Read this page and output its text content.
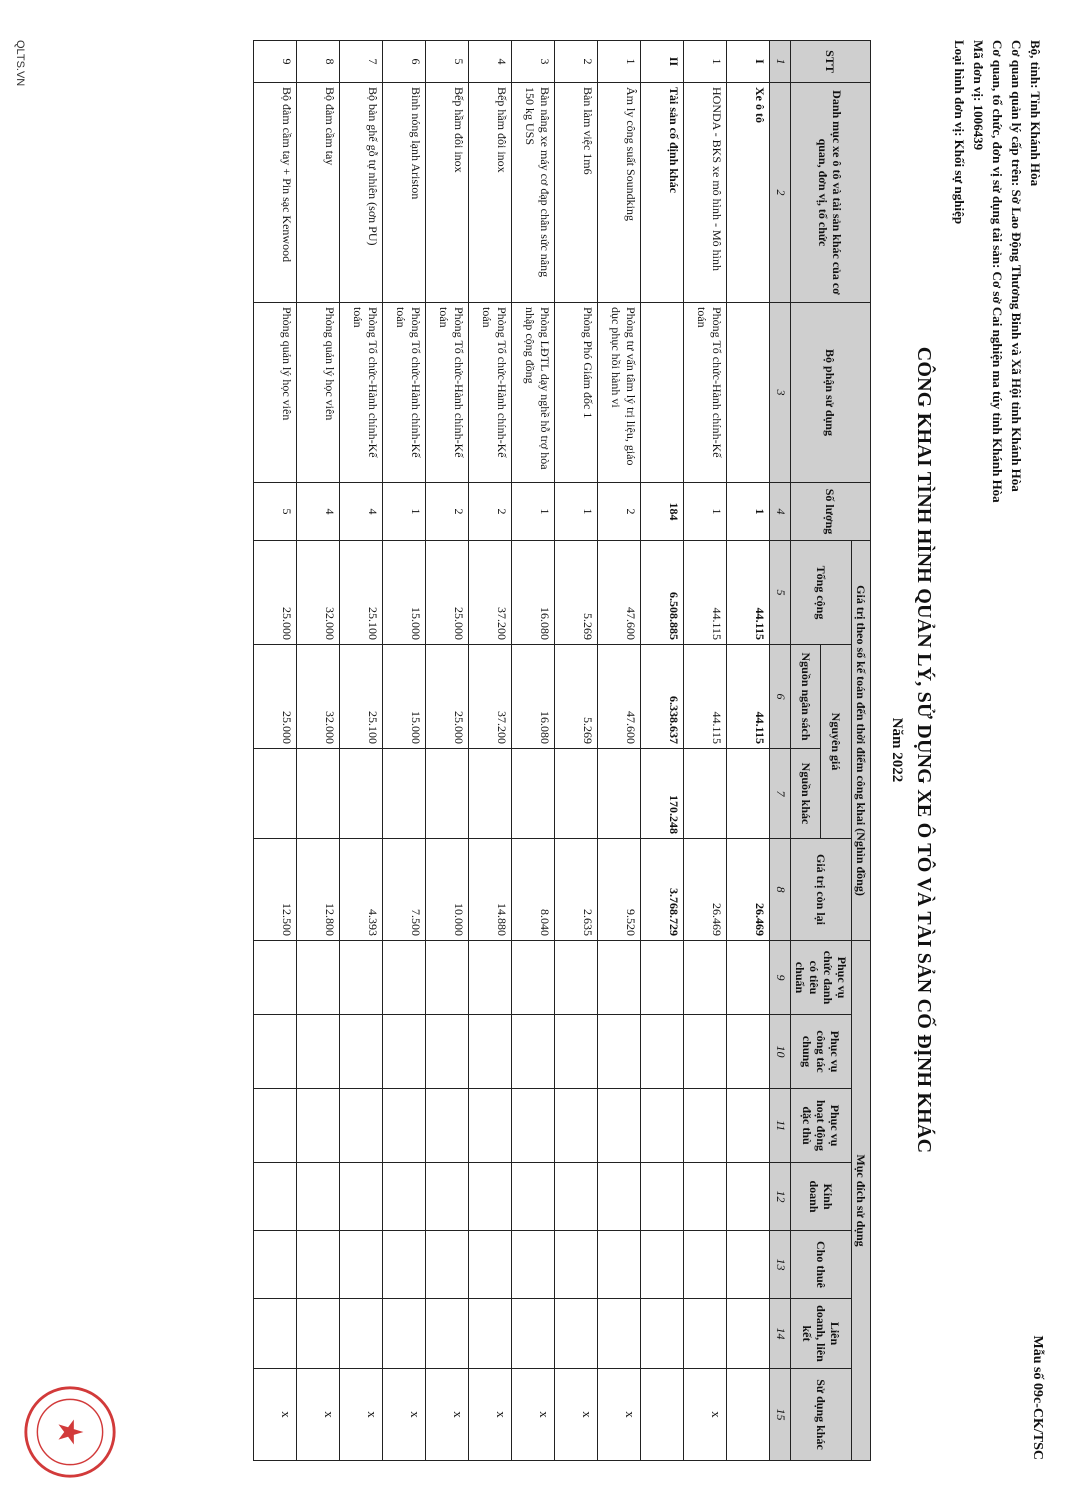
Bộ, tỉnh: Tỉnh Khánh Hòa
Cơ quan quản lý cấp trên: Sở Lao Động Thương Binh và Xã Hội tỉnh Khánh Hòa
Cơ quan, tổ chức, đơn vị sử dụng tài sản: Cơ sở Cai nghiện ma túy tỉnh Khánh Hòa
Mã đơn vị: 1006439
Loại hình đơn vị: Khối sự nghiệp
Mẫu số 09c-CK/TSC
CÔNG KHAI TÌNH HÌNH QUẢN LÝ, SỬ DỤNG XE Ô TÔ VÀ TÀI SẢN CỐ ĐỊNH KHÁC
Năm 2022
STT	Danh mục xe ô tô và tài sản khác của cơ quan, đơn vị, tổ chức	Bộ phận sử dụng	Số lượng	Giá trị theo sổ kế toán đến thời điểm công khai (Nghìn đồng)				Mục đích sử dụng						
				Tổng cộng	Nguyên giá		Giá trị còn lại	Phục vụ chức danh có tiêu chuẩn	Phục vụ công tác chung	Phục vụ hoạt động đặc thù	Kinh doanh	Cho thuê	Liên doanh, liên kết	Sử dụng khác
					Nguồn ngân sách	Nguồn khác								
1	2	3	4	5	6	7	8	9	10	11	12	13	14	15
I	Xe ô tô		1	44.115	44.115		26.469							
1	HONDA - BKS xe mô hình - Mô hình	Phòng Tổ chức-Hành chính-Kế toán	1	44.115	44.115		26.469							x
II	Tài sản cố định khác		184	6.508.885	6.338.637	170.248	3.768.729							
1	Âm ly công suất Soundking	Phòng tư vấn tâm lý trị liệu, giáo dục phục hồi hành vi	2	47.600	47.600		9.520							x
2	Bàn làm việc 1m6	Phòng Phó Giám đốc 1	1	5.269	5.269		2.635							x
3	Bàn nâng xe máy cơ đạp chân sức nâng 150 kg USS	Phòng LĐTL dạy nghề hỗ trợ hòa nhập cộng đồng	1	16.080	16.080		8.040							x
4	Bếp hầm đôi inox	Phòng Tổ chức-Hành chính-Kế toán	2	37.200	37.200		14.880							x
5	Bếp hầm đôi inox	Phòng Tổ chức-Hành chính-Kế toán	2	25.000	25.000		10.000							x
6	Bình nóng lạnh Ariston	Phòng Tổ chức-Hành chính-Kế toán	1	15.000	15.000		7.500							x
7	Bộ bàn ghế gỗ tự nhiên (sơn PU)	Phòng Tổ chức-Hành chính-Kế toán	4	25.100	25.100		4.393							x
8	Bộ đàm cầm tay	Phòng quản lý học viên	4	32.000	32.000		12.800							x
9	Bộ đàm cầm tay + Pin sạc Kenwood	Phòng quản lý học viên	5	25.000	25.000		12.500							x
QLTS.VN
